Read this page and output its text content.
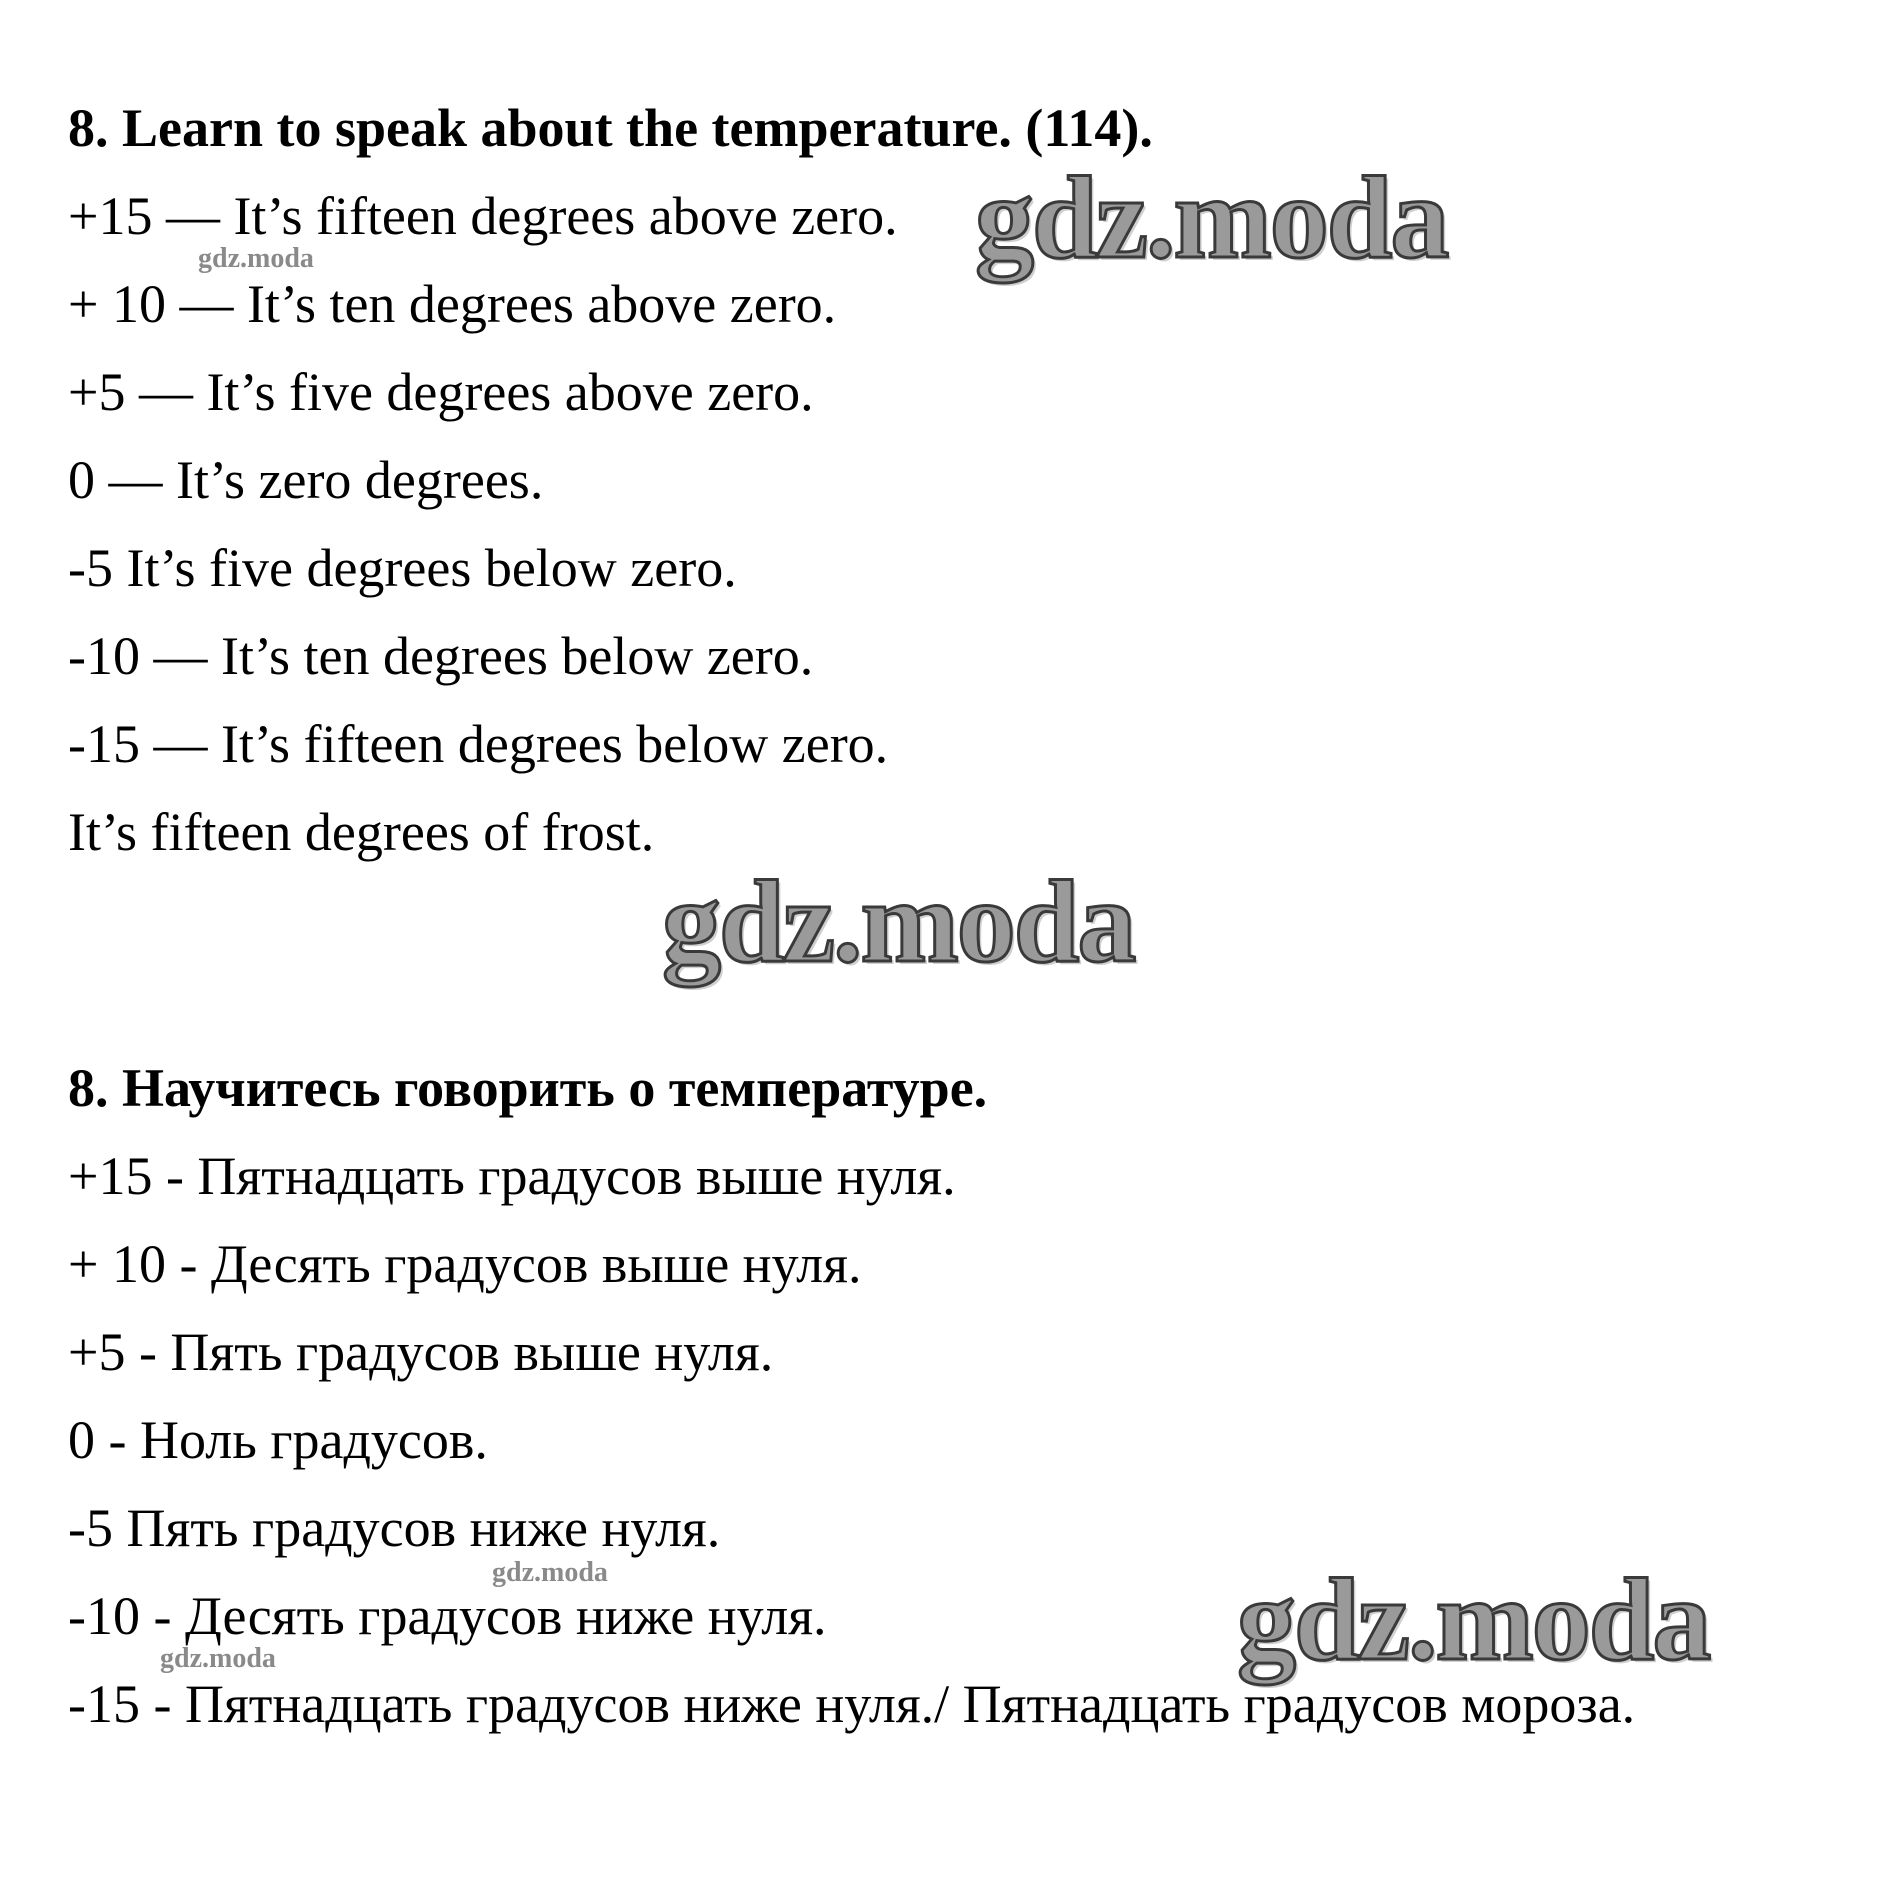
8. Learn to speak about the temperature. (114).
+15 — It’s fifteen degrees above zero.
+ 10 — It’s ten degrees above zero.
+5 — It’s five degrees above zero.
0 — It’s zero degrees.
-5 It’s five degrees below zero.
-10 — It’s ten degrees below zero.
-15 — It’s fifteen degrees below zero.
It’s fifteen degrees of frost.
8. Научитесь говорить о температуре.
+15 - Пятнадцать градусов выше нуля.
+ 10 - Десять градусов выше нуля.
+5 - Пять градусов выше нуля.
0 - Ноль градусов.
-5 Пять градусов ниже нуля.
-10 - Десять градусов ниже нуля.
-15 - Пятнадцать градусов ниже нуля./ Пятнадцать градусов мороза.
gdz.moda
gdz.moda
gdz.moda
gdz.moda	gdz.moda
gdz.moda
